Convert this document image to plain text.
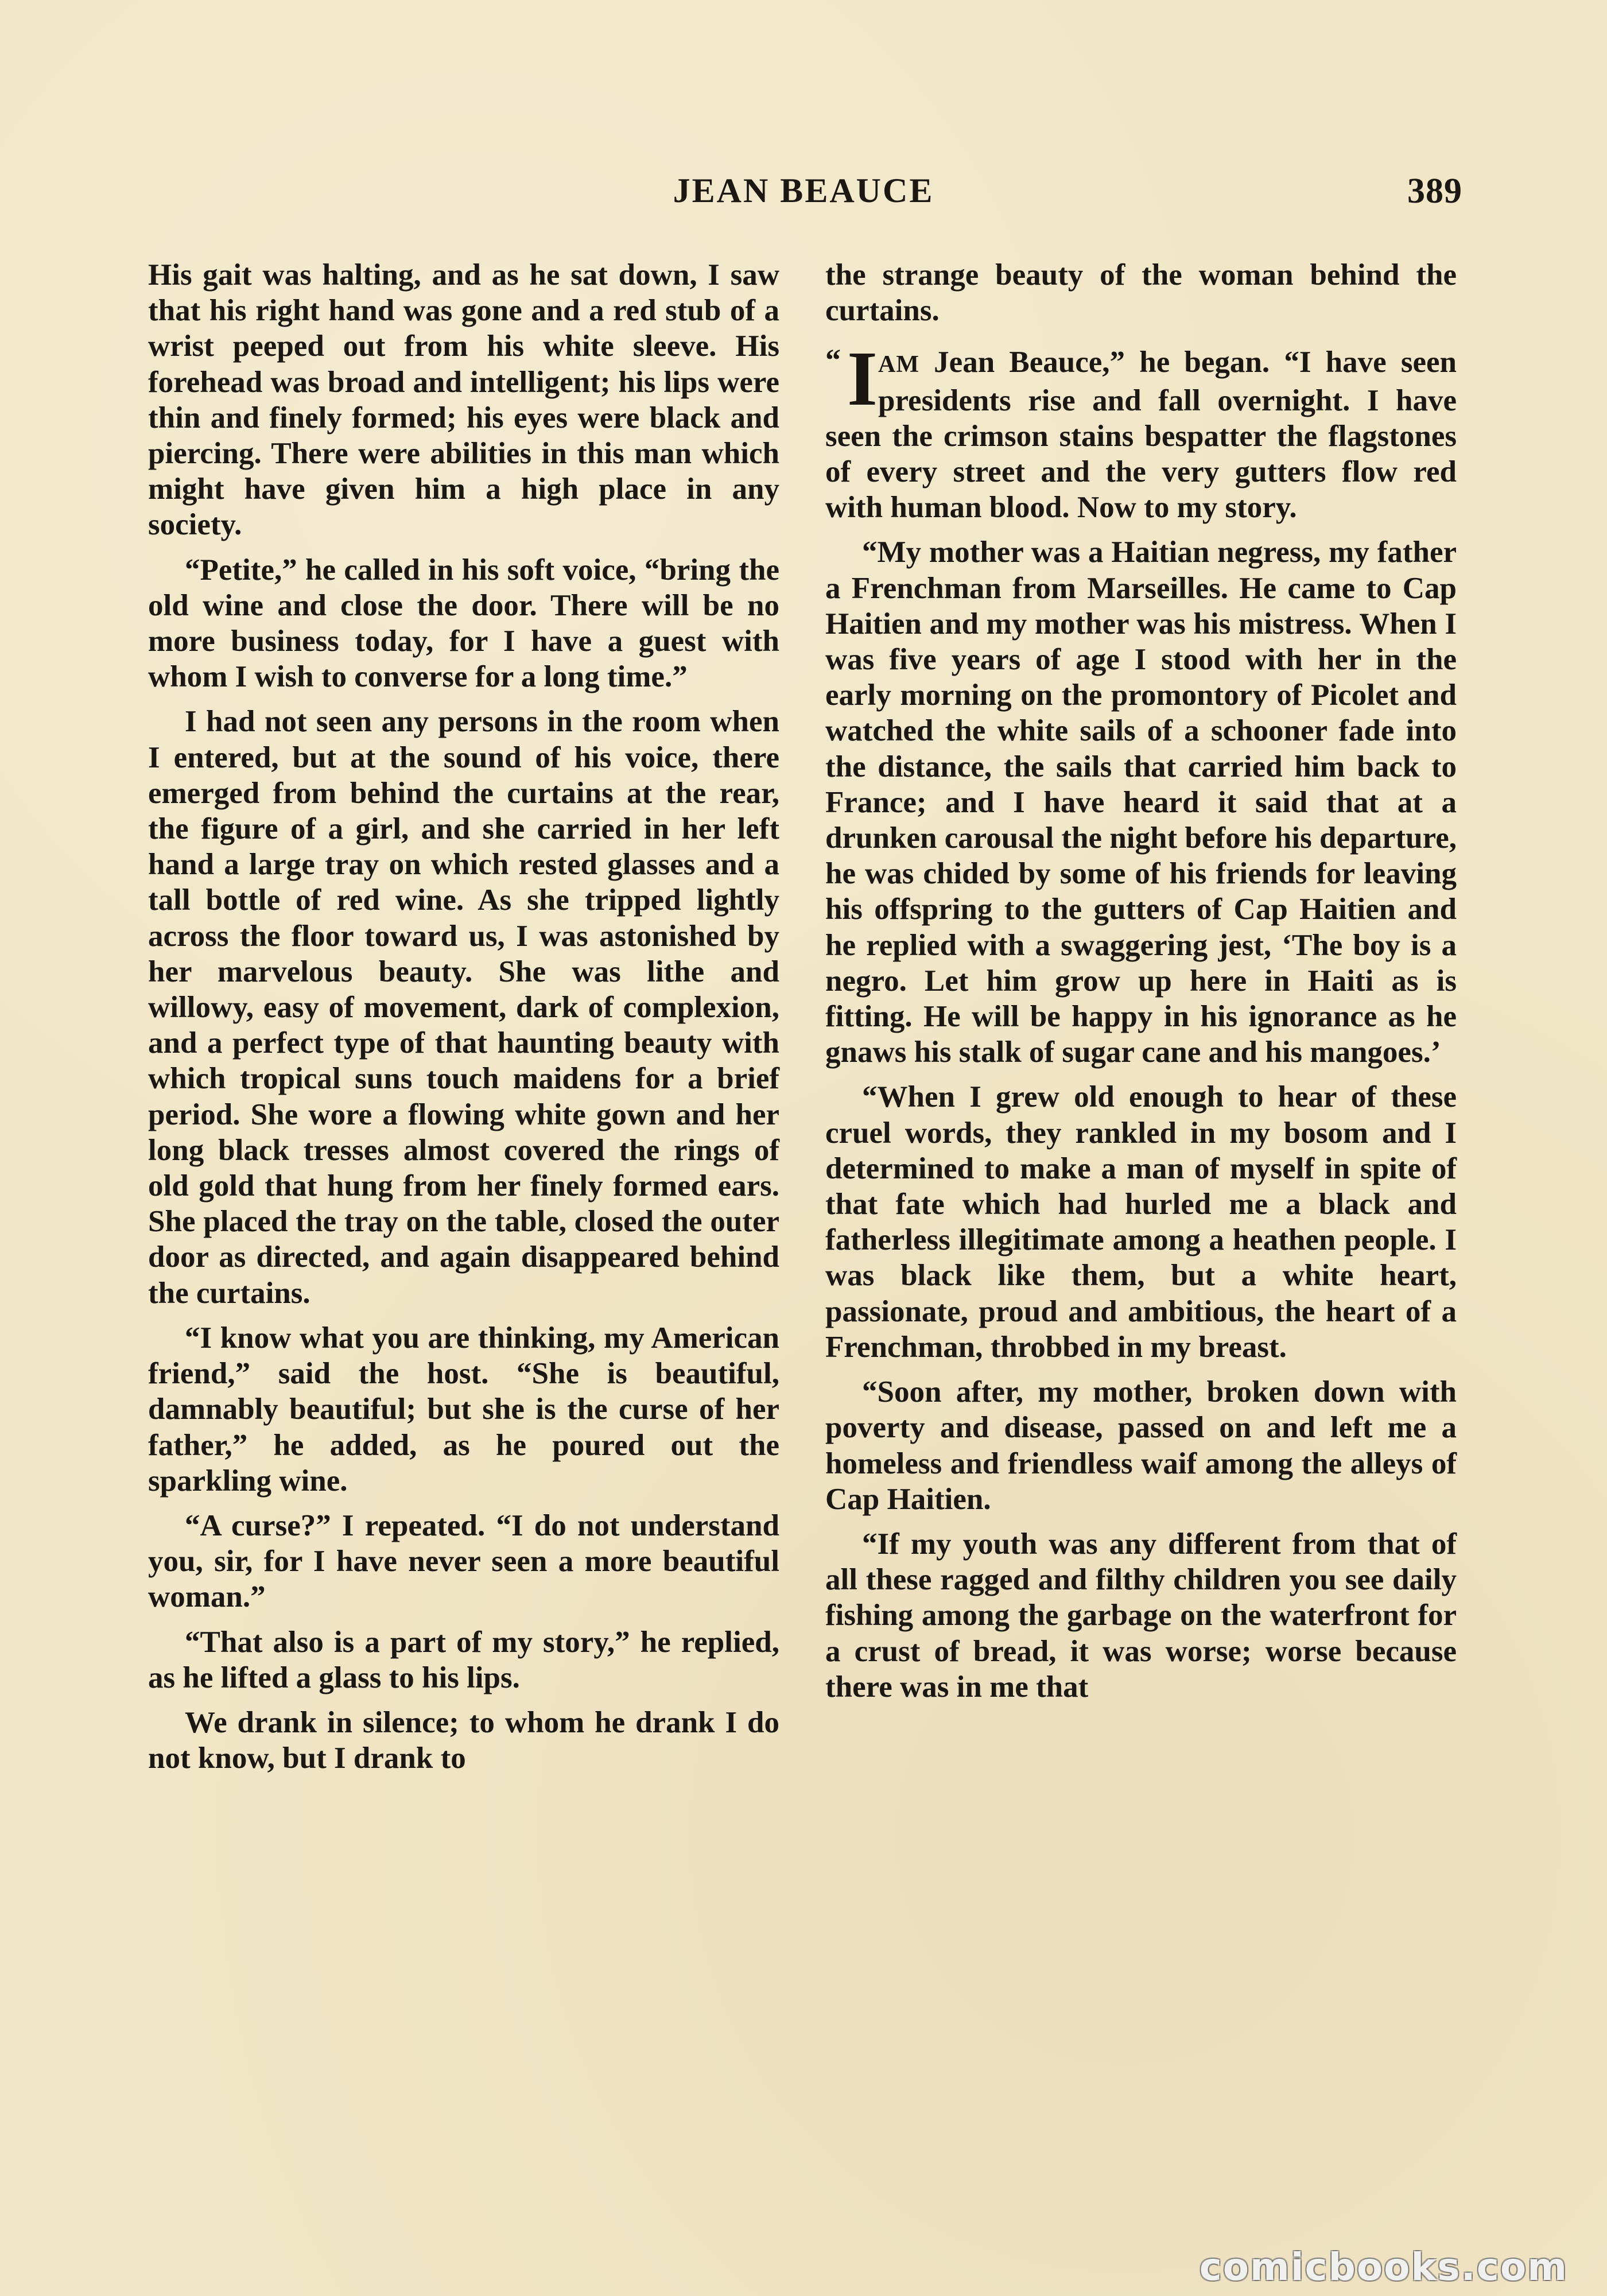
JEAN BEAUCE	389

His gait was halting, and as he sat down, I saw that his right hand was gone and a red stub of a wrist peeped out from his white sleeve. His forehead was broad and intelligent; his lips were thin and finely formed; his eyes were black and piercing. There were abilities in this man which might have given him a high place in any society.

“Petite,” he called in his soft voice, “bring the old wine and close the door. There will be no more business today, for I have a guest with whom I wish to converse for a long time.”

I had not seen any persons in the room when I entered, but at the sound of his voice, there emerged from behind the curtains at the rear, the figure of a girl, and she carried in her left hand a large tray on which rested glasses and a tall bottle of red wine. As she tripped lightly across the floor toward us, I was astonished by her marvelous beauty. She was lithe and willowy, easy of movement, dark of complexion, and a perfect type of that haunting beauty with which tropical suns touch maidens for a brief period. She wore a flowing white gown and her long black tresses almost covered the rings of old gold that hung from her finely formed ears. She placed the tray on the table, closed the outer door as directed, and again disappeared behind the curtains.

“I know what you are thinking, my American friend,” said the host. “She is beautiful, damnably beautiful; but she is the curse of her father,” he added, as he poured out the sparkling wine.

“A curse?” I repeated. “I do not understand you, sir, for I have never seen a more beautiful woman.”

“That also is a part of my story,” he replied, as he lifted a glass to his lips.

We drank in silence; to whom he drank I do not know, but I drank to

the strange beauty of the woman behind the curtains.

“ I AM Jean Beauce,” he began. “I have seen presidents rise and fall overnight. I have seen the crimson stains bespatter the flagstones of every street and the very gutters flow red with human blood. Now to my story.

“My mother was a Haitian negress, my father a Frenchman from Marseilles. He came to Cap Haitien and my mother was his mistress. When I was five years of age I stood with her in the early morning on the promontory of Picolet and watched the white sails of a schooner fade into the distance, the sails that carried him back to France; and I have heard it said that at a drunken carousal the night before his departure, he was chided by some of his friends for leaving his offspring to the gutters of Cap Haitien and he replied with a swaggering jest, ‘The boy is a negro. Let him grow up here in Haiti as is fitting. He will be happy in his ignorance as he gnaws his stalk of sugar cane and his mangoes.’

“When I grew old enough to hear of these cruel words, they rankled in my bosom and I determined to make a man of myself in spite of that fate which had hurled me a black and fatherless illegitimate among a heathen people. I was black like them, but a white heart, passionate, proud and ambitious, the heart of a Frenchman, throbbed in my breast.

“Soon after, my mother, broken down with poverty and disease, passed on and left me a homeless and friendless waif among the alleys of Cap Haitien.

“If my youth was any different from that of all these ragged and filthy children you see daily fishing among the garbage on the waterfront for a crust of bread, it was worse; worse because there was in me that

comicbooks.com
